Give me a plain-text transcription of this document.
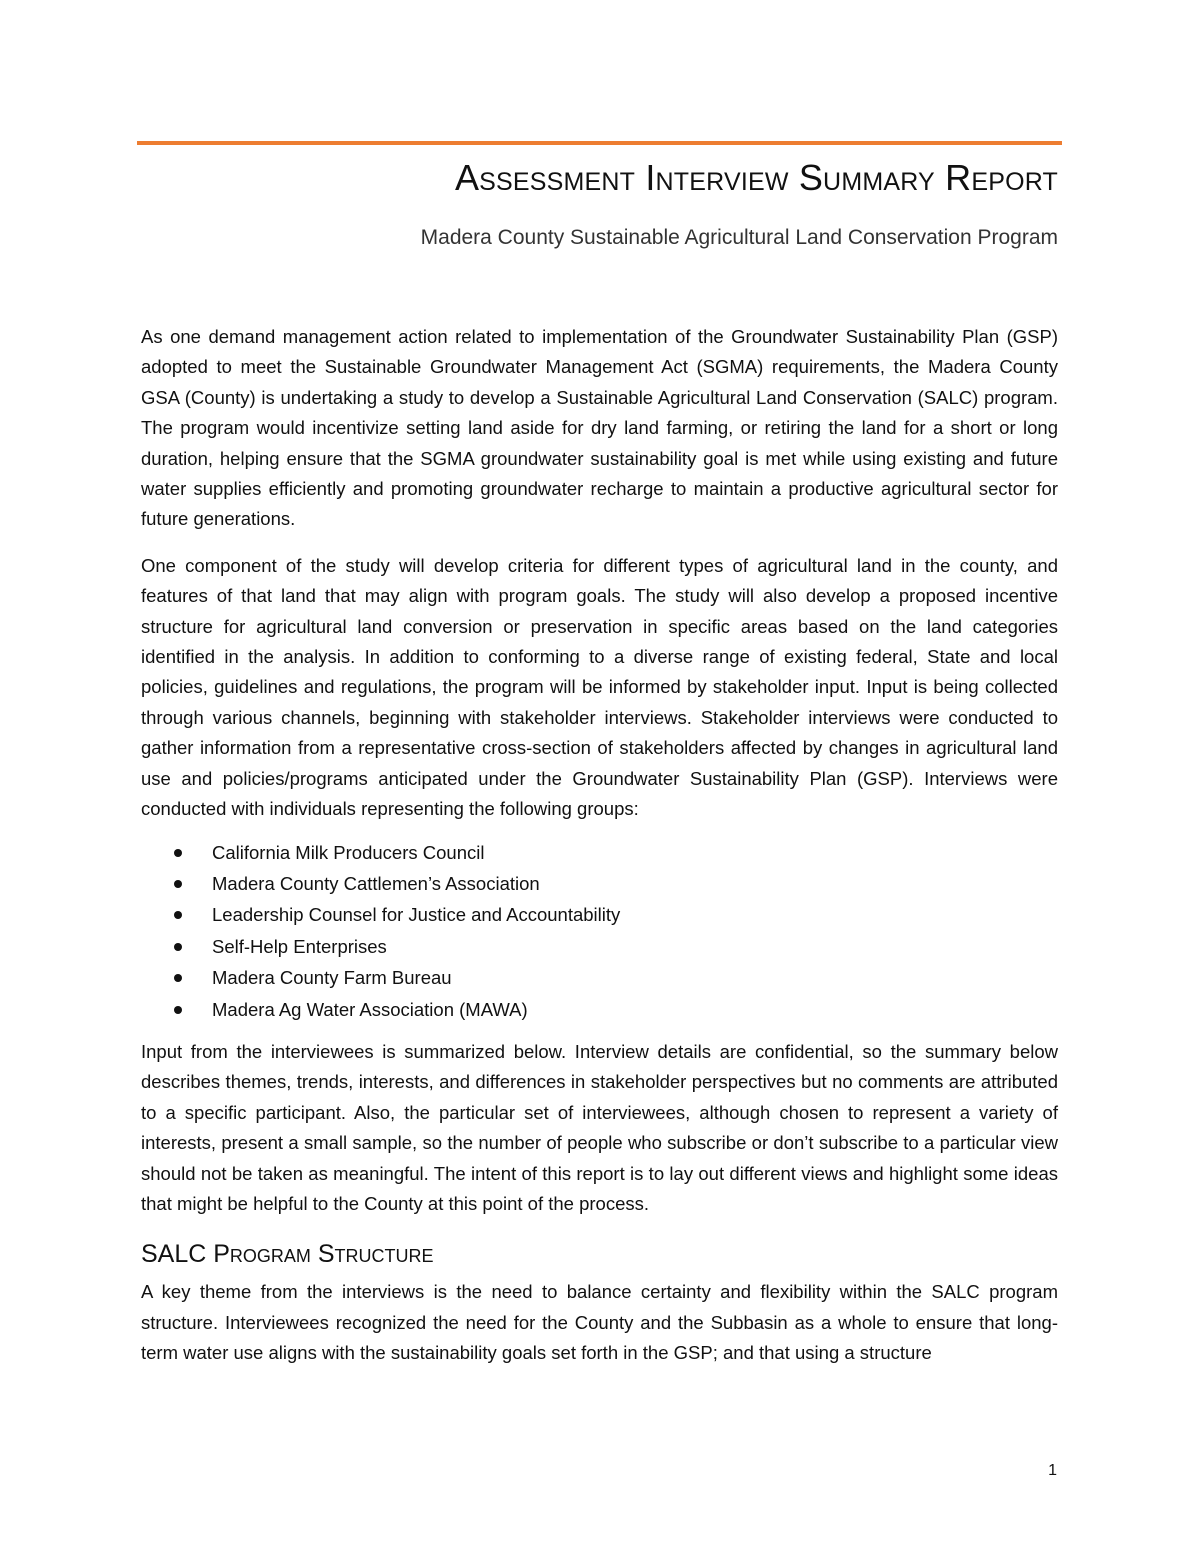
Assessment Interview Summary Report
Madera County Sustainable Agricultural Land Conservation Program

As one demand management action related to implementation of the Groundwater Sustainability Plan (GSP) adopted to meet the Sustainable Groundwater Management Act (SGMA) requirements, the Madera County GSA (County) is undertaking a study to develop a Sustainable Agricultural Land Conservation (SALC) program. The program would incentivize setting land aside for dry land farming, or retiring the land for a short or long duration, helping ensure that the SGMA groundwater sustainability goal is met while using existing and future water supplies efficiently and promoting groundwater recharge to maintain a productive agricultural sector for future generations.

One component of the study will develop criteria for different types of agricultural land in the county, and features of that land that may align with program goals. The study will also develop a proposed incentive structure for agricultural land conversion or preservation in specific areas based on the land categories identified in the analysis. In addition to conforming to a diverse range of existing federal, State and local policies, guidelines and regulations, the program will be informed by stakeholder input. Input is being collected through various channels, beginning with stakeholder interviews. Stakeholder interviews were conducted to gather information from a representative cross-section of stakeholders affected by changes in agricultural land use and policies/programs anticipated under the Groundwater Sustainability Plan (GSP). Interviews were conducted with individuals representing the following groups:

California Milk Producers Council
Madera County Cattlemen’s Association
Leadership Counsel for Justice and Accountability
Self-Help Enterprises
Madera County Farm Bureau
Madera Ag Water Association (MAWA)

Input from the interviewees is summarized below. Interview details are confidential, so the summary below describes themes, trends, interests, and differences in stakeholder perspectives but no comments are attributed to a specific participant. Also, the particular set of interviewees, although chosen to represent a variety of interests, present a small sample, so the number of people who subscribe or don’t subscribe to a particular view should not be taken as meaningful. The intent of this report is to lay out different views and highlight some ideas that might be helpful to the County at this point of the process.

SALC Program Structure

A key theme from the interviews is the need to balance certainty and flexibility within the SALC program structure. Interviewees recognized the need for the County and the Subbasin as a whole to ensure that long-term water use aligns with the sustainability goals set forth in the GSP; and that using a structure

1
